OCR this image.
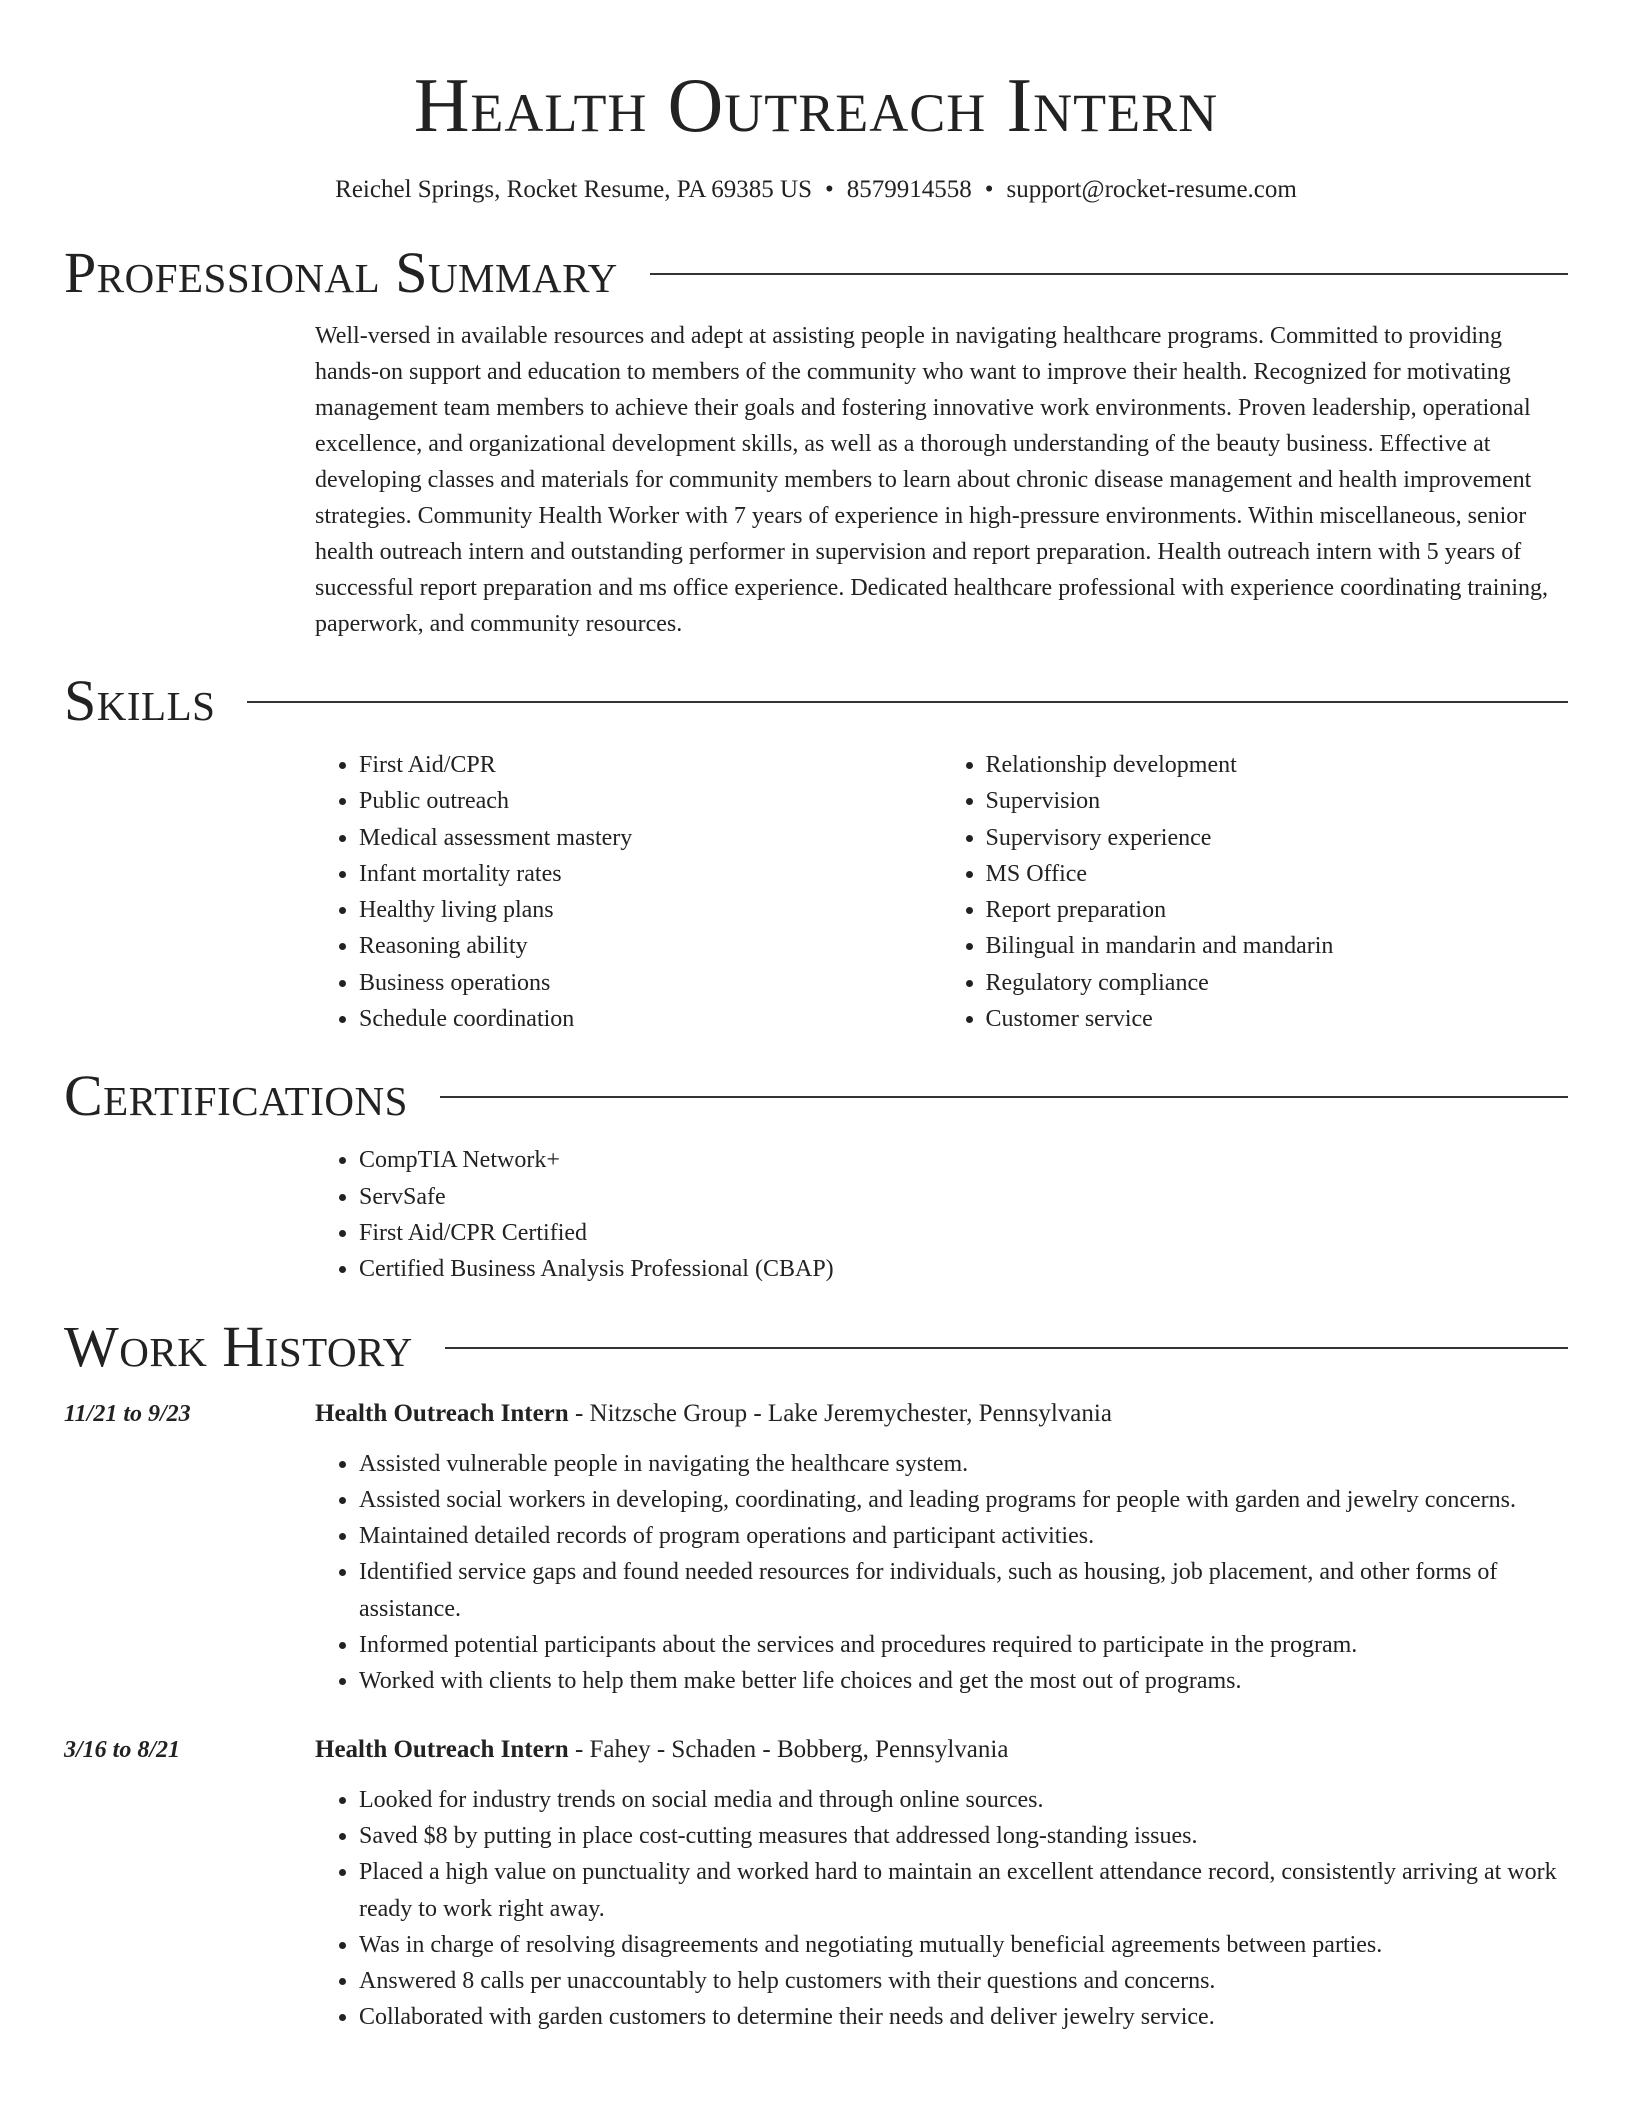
Health Outreach Intern
Reichel Springs, Rocket Resume, PA 69385 US • 8579914558 • support@rocket-resume.com
Professional Summary
Well-versed in available resources and adept at assisting people in navigating healthcare programs. Committed to providing hands-on support and education to members of the community who want to improve their health. Recognized for motivating management team members to achieve their goals and fostering innovative work environments. Proven leadership, operational excellence, and organizational development skills, as well as a thorough understanding of the beauty business. Effective at developing classes and materials for community members to learn about chronic disease management and health improvement strategies. Community Health Worker with 7 years of experience in high-pressure environments. Within miscellaneous, senior health outreach intern and outstanding performer in supervision and report preparation. Health outreach intern with 5 years of successful report preparation and ms office experience. Dedicated healthcare professional with experience coordinating training, paperwork, and community resources.
Skills
• First Aid/CPR
• Public outreach
• Medical assessment mastery
• Infant mortality rates
• Healthy living plans
• Reasoning ability
• Business operations
• Schedule coordination
• Relationship development
• Supervision
• Supervisory experience
• MS Office
• Report preparation
• Bilingual in mandarin and mandarin
• Regulatory compliance
• Customer service
Certifications
• CompTIA Network+
• ServSafe
• First Aid/CPR Certified
• Certified Business Analysis Professional (CBAP)
Work History
11/21 to 9/23	Health Outreach Intern - Nitzsche Group - Lake Jeremychester, Pennsylvania
• Assisted vulnerable people in navigating the healthcare system.
• Assisted social workers in developing, coordinating, and leading programs for people with garden and jewelry concerns.
• Maintained detailed records of program operations and participant activities.
• Identified service gaps and found needed resources for individuals, such as housing, job placement, and other forms of assistance.
• Informed potential participants about the services and procedures required to participate in the program.
• Worked with clients to help them make better life choices and get the most out of programs.
3/16 to 8/21	Health Outreach Intern - Fahey - Schaden - Bobberg, Pennsylvania
• Looked for industry trends on social media and through online sources.
• Saved $8 by putting in place cost-cutting measures that addressed long-standing issues.
• Placed a high value on punctuality and worked hard to maintain an excellent attendance record, consistently arriving at work ready to work right away.
• Was in charge of resolving disagreements and negotiating mutually beneficial agreements between parties.
• Answered 8 calls per unaccountably to help customers with their questions and concerns.
• Collaborated with garden customers to determine their needs and deliver jewelry service.
